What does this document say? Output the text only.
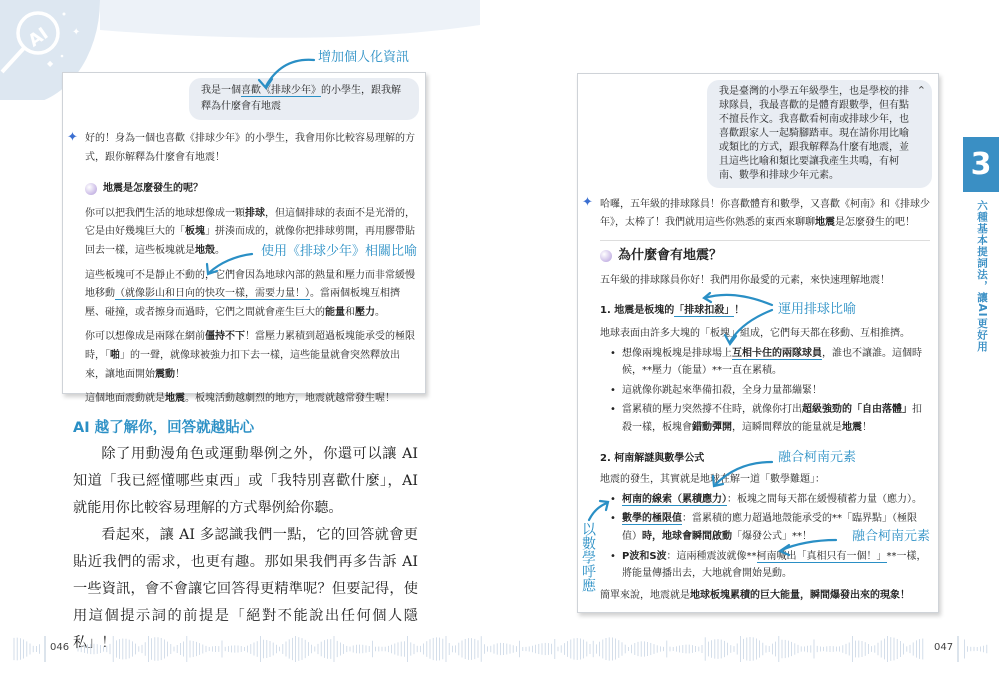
AI ✦
◆
我是一個喜歡《排球少年》的小學生，跟我解釋為什麼會有地震
✦ 好的！身為一個也喜歡《排球少年》的小學生，我會用你比較容易理解的方式，跟你解釋為什麼會有地震！

地震是怎麼發生的呢？

你可以把我們生活的地球想像成一顆排球，但這個排球的表面不是光滑的，它是由好幾塊巨大的「板塊」拼湊而成的，就像你把排球剪開，再用膠帶貼回去一樣，這些板塊就是地殼。	使用《排球少年》相關比喻

這些板塊可不是靜止不動的，它們會因為地球內部的熱量和壓力而非常緩慢地移動（就像影山和日向的快攻一樣，需要力量！）。當兩個板塊互相擠壓、碰撞，或者擦身而過時，它們之間就會產生巨大的能量和壓力。

你可以想像成是兩隊在網前僵持不下！當壓力累積到超過板塊能承受的極限時，「啪」的一聲，就像球被強力扣下去一樣，這些能量就會突然釋放出來，讓地面開始震動！

這個地面震動就是地震。板塊活動越劇烈的地方，地震就越常發生喔！

我是臺灣的小學五年級學生，也是學校的排球隊員，我最喜歡的是體育跟數學，但有點不擅長作文。我喜歡看柯南或排球少年，也喜歡跟家人一起騎腳踏車。現在請你用比喻或類比的方式，跟我解釋為什麼有地震，並且這些比喻和類比要讓我產生共鳴，有柯南、數學和排球少年元素。
⌃
✦ 哈囉，五年級的排球隊員！你喜歡體育和數學，又喜歡《柯南》和《排球少年》，太棒了！我們就用這些你熟悉的東西來聊聊地震是怎麼發生的吧！

為什麼會有地震？

五年級的排球隊員你好！我們用你最愛的元素，來快速理解地震！

1. 地震是板塊的「排球扣殺」！	運用排球比喻

地球表面由許多大塊的「板塊」組成，它們每天都在移動、互相推擠。

• 想像兩塊板塊是排球場上互相卡住的兩隊球員，誰也不讓誰。這個時候，**壓力（能量）**一直在累積。
• 這就像你跳起來準備扣殺，全身力量都繃緊！
• 當累積的壓力突然撐不住時，就像你打出超級強勁的「自由落體」扣殺一樣，板塊會錯動彈開，這瞬間釋放的能量就是地震！

2. 柯南解謎與數學公式	融合柯南元素

地震的發生，其實就是地球在解一道「數學難題」：

• 柯南的線索（累積應力）：板塊之間每天都在緩慢積蓄力量（應力）。
• 數學的極限值：當累積的應力超過地殼能承受的**「臨界點」（極限值）時，地球會瞬間啟動「爆發公式」**！	融合柯南元素
• P波和S波：這兩種震波就像**柯南喊出「真相只有一個！」**一樣，將能量傳播出去，大地就會開始晃動。

簡單來說，地震就是地球板塊累積的巨大能量，瞬間爆發出來的現象！

增加個人化資訊
以數學呼應
AI 越了解你，回答就越貼心

除了用動漫角色或運動舉例之外，你還可以讓 AI 知道「我已經懂哪些東西」或「我特別喜歡什麼」，AI 就能用你比較容易理解的方式舉例給你聽。

看起來，讓 AI 多認識我們一點，它的回答就會更貼近我們的需求，也更有趣。那如果我們再多告訴 AI 一些資訊，會不會讓它回答得更精準呢？但要記得，使用這個提示詞的前提是「絕對不能說出任何個人隱私」！

3
六種基本提詞法，讓AI更好用
046	047
